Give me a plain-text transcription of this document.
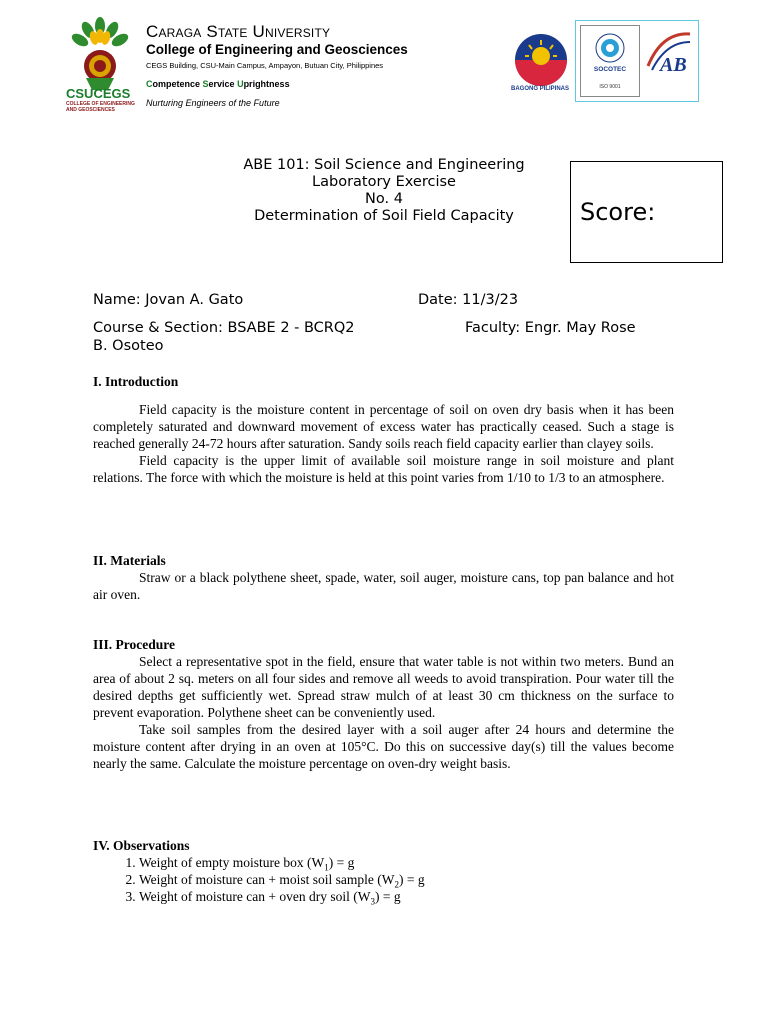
CSUCEGS
COLLEGE OF ENGINEERING AND GEOSCIENCES
Caraga State University
College of Engineering and Geosciences
CEGS Building, CSU-Main Campus, Ampayon, Butuan City, Philippines
Competence Service Uprightness
Nurturing Engineers of the Future
BAGONG PILIPINAS
SOCOTEC
ISO 9001
AB
ABE 101: Soil Science and Engineering
Laboratory Exercise
No. 4
Determination of Soil Field Capacity	Score:
Name: Jovan A. Gato	Date: 11/3/23
Course & Section: BSABE 2 - BCRQ2	Faculty: Engr. May Rose
B. Osoteo
I. Introduction

Field capacity is the moisture content in percentage of soil on oven dry basis when it has been completely saturated and downward movement of excess water has practically ceased. Such a stage is reached generally 24-72 hours after saturation. Sandy soils reach field capacity earlier than clayey soils.

Field capacity is the upper limit of available soil moisture range in soil moisture and plant relations. The force with which the moisture is held at this point varies from 1/10 to 1/3 to an atmosphere.

II. Materials

Straw or a black polythene sheet, spade, water, soil auger, moisture cans, top pan balance and hot air oven.

III. Procedure

Select a representative spot in the field, ensure that water table is not within two meters. Bund an area of about 2 sq. meters on all four sides and remove all weeds to avoid transpiration. Pour water till the desired depths get sufficiently wet. Spread straw mulch of at least 30 cm thickness on the surface to prevent evaporation. Polythene sheet can be conveniently used.

Take soil samples from the desired layer with a soil auger after 24 hours and determine the moisture content after drying in an oven at 105°C. Do this on successive day(s) till the values become nearly the same. Calculate the moisture percentage on oven-dry weight basis.

IV. Observations
1. Weight of empty moisture box $(W_1) = g$
2. Weight of moisture can + moist soil sample $(W_2) = g$
3. Weight of moisture can + oven dry soil $(W_3) = g$
